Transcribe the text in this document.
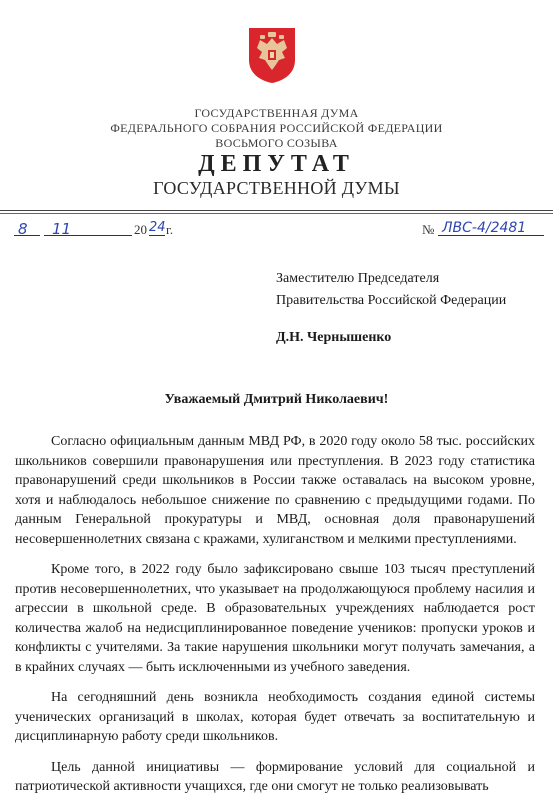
ГОСУДАРСТВЕННАЯ ДУМА
ФЕДЕРАЛЬНОГО СОБРАНИЯ РОССИЙСКОЙ ФЕДЕРАЦИИ
ВОСЬМОГО СОЗЫВА
ДЕПУТАТ
ГОСУДАРСТВЕННОЙ ДУМЫ
8 11	20 24 г.	№ ЛВС-4/2481
Заместителю Председателя
Правительства Российской Федерации
Д.Н. Чернышенко
Уважаемый Дмитрий Николаевич!

Согласно официальным данным МВД РФ, в 2020 году около 58 тыс. российских школьников совершили правонарушения или преступления. В 2023 году статистика правонарушений среди школьников в России также оставалась на высоком уровне, хотя и наблюдалось небольшое снижение по сравнению с предыдущими годами. По данным Генеральной прокуратуры и МВД, основная доля правонарушений несовершеннолетних связана с кражами, хулиганством и мелкими преступлениями.

Кроме того, в 2022 году было зафиксировано свыше 103 тысяч преступлений против несовершеннолетних, что указывает на продолжающуюся проблему насилия и агрессии в школьной среде. В образовательных учреждениях наблюдается рост количества жалоб на недисциплинированное поведение учеников: пропуски уроков и конфликты с учителями. За такие нарушения школьники могут получать замечания, а в крайних случаях — быть исключенными из учебного заведения.

На сегодняшний день возникла необходимость создания единой системы ученических организаций в школах, которая будет отвечать за воспитательную и дисциплинарную работу среди школьников.

Цель данной инициативы — формирование условий для социальной и патриотической активности учащихся, где они смогут не только реализовывать
